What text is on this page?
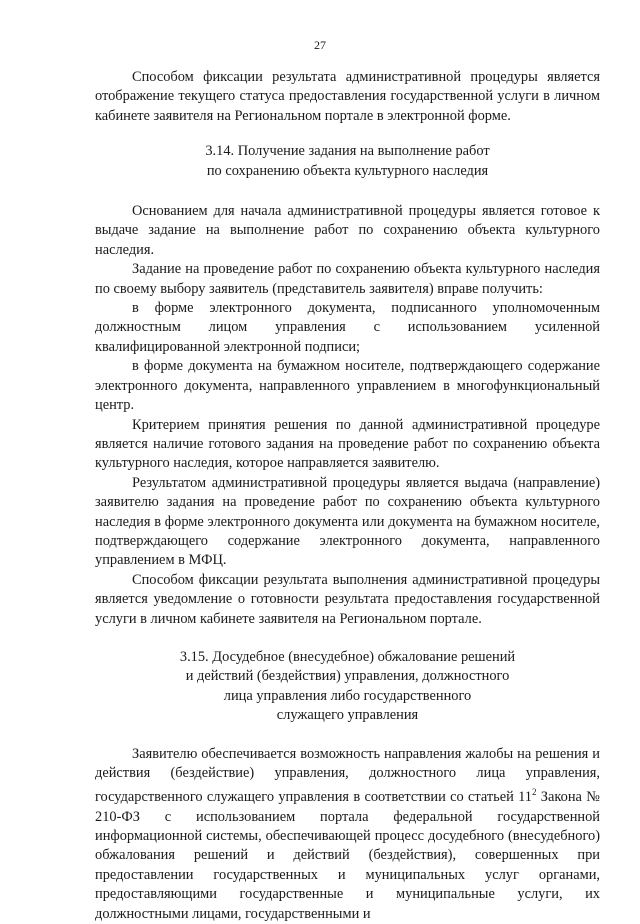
27

Способом фиксации результата административной процедуры является отображение текущего статуса предоставления государственной услуги в личном кабинете заявителя на Региональном портале в электронной форме.

3.14. Получение задания на выполнение работ
по сохранению объекта культурного наследия

Основанием для начала административной процедуры является готовое к выдаче задание на выполнение работ по сохранению объекта культурного наследия.

Задание на проведение работ по сохранению объекта культурного наследия по своему выбору заявитель (представитель заявителя) вправе получить:

в форме электронного документа, подписанного уполномоченным должностным лицом управления с использованием усиленной квалифицированной электронной подписи;

в форме документа на бумажном носителе, подтверждающего содержание электронного документа, направленного управлением в многофункциональный центр.

Критерием принятия решения по данной административной процедуре является наличие готового задания на проведение работ по сохранению объекта культурного наследия, которое направляется заявителю.

Результатом административной процедуры является выдача (направление) заявителю задания на проведение работ по сохранению объекта культурного наследия в форме электронного документа или документа на бумажном носителе, подтверждающего содержание электронного документа, направленного управлением в МФЦ.

Способом фиксации результата выполнения административной процедуры является уведомление о готовности результата предоставления государственной услуги в личном кабинете заявителя на Региональном портале.

3.15. Досудебное (внесудебное) обжалование решений
и действий (бездействия) управления, должностного
лица управления либо государственного
служащего управления

Заявителю обеспечивается возможность направления жалобы на решения и действия (бездействие) управления, должностного лица управления, государственного служащего управления в соответствии со статьей $11^2$ Закона № 210-ФЗ с использованием портала федеральной государственной информационной системы, обеспечивающей процесс досудебного (внесудебного) обжалования решений и действий (бездействия), совершенных при предоставлении государственных и муниципальных услуг органами, предоставляющими государственные и муниципальные услуги, их должностными лицами, государственными и
